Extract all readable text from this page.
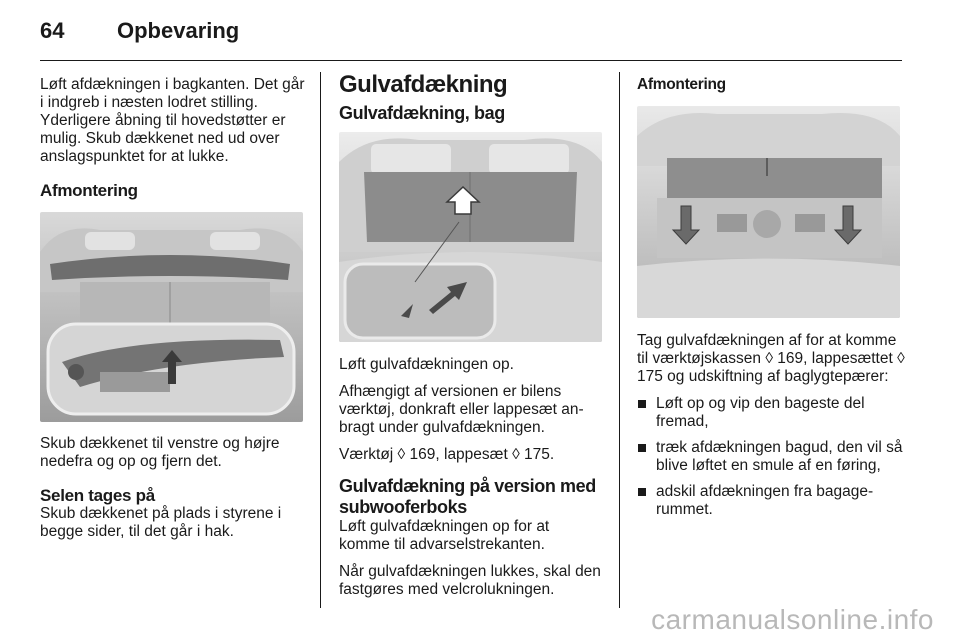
64 Opbevaring

Løft afdækningen i bagkanten. Det går i indgreb i næsten lodret stilling. Yderligere åbning til hovedstøtter er mulig. Skub dækkenet ned ud over anslagspunktet for at lukke.

Afmontering

Skub dækkenet til venstre og højre nedefra og op og fjern det.

Selen tages på

Skub dækkenet på plads i styrene i begge sider, til det går i hak.

Gulvafdækning
Gulvafdækning, bag

Løft gulvafdækningen op.

Afhængigt af versionen er bilens værktøj, donkraft eller lappesæt anbragt under gulvafdækningen.

Værktøj ◊ 169, lappesæt ◊ 175.

Gulvafdækning på version med subwooferboks

Løft gulvafdækningen op for at komme til advarselstrekanten.

Når gulvafdækningen lukkes, skal den fastgøres med velcrolukningen.

Afmontering

Tag gulvafdækningen af for at komme til værktøjskassen ◊ 169, lappesættet ◊ 175 og udskiftning af baglygtepærer:

Løft op og vip den bageste del fremad,
træk afdækningen bagud, den vil så blive løftet en smule af en føring,
adskil afdækningen fra bagagerummet.
carmanualsonline.info
